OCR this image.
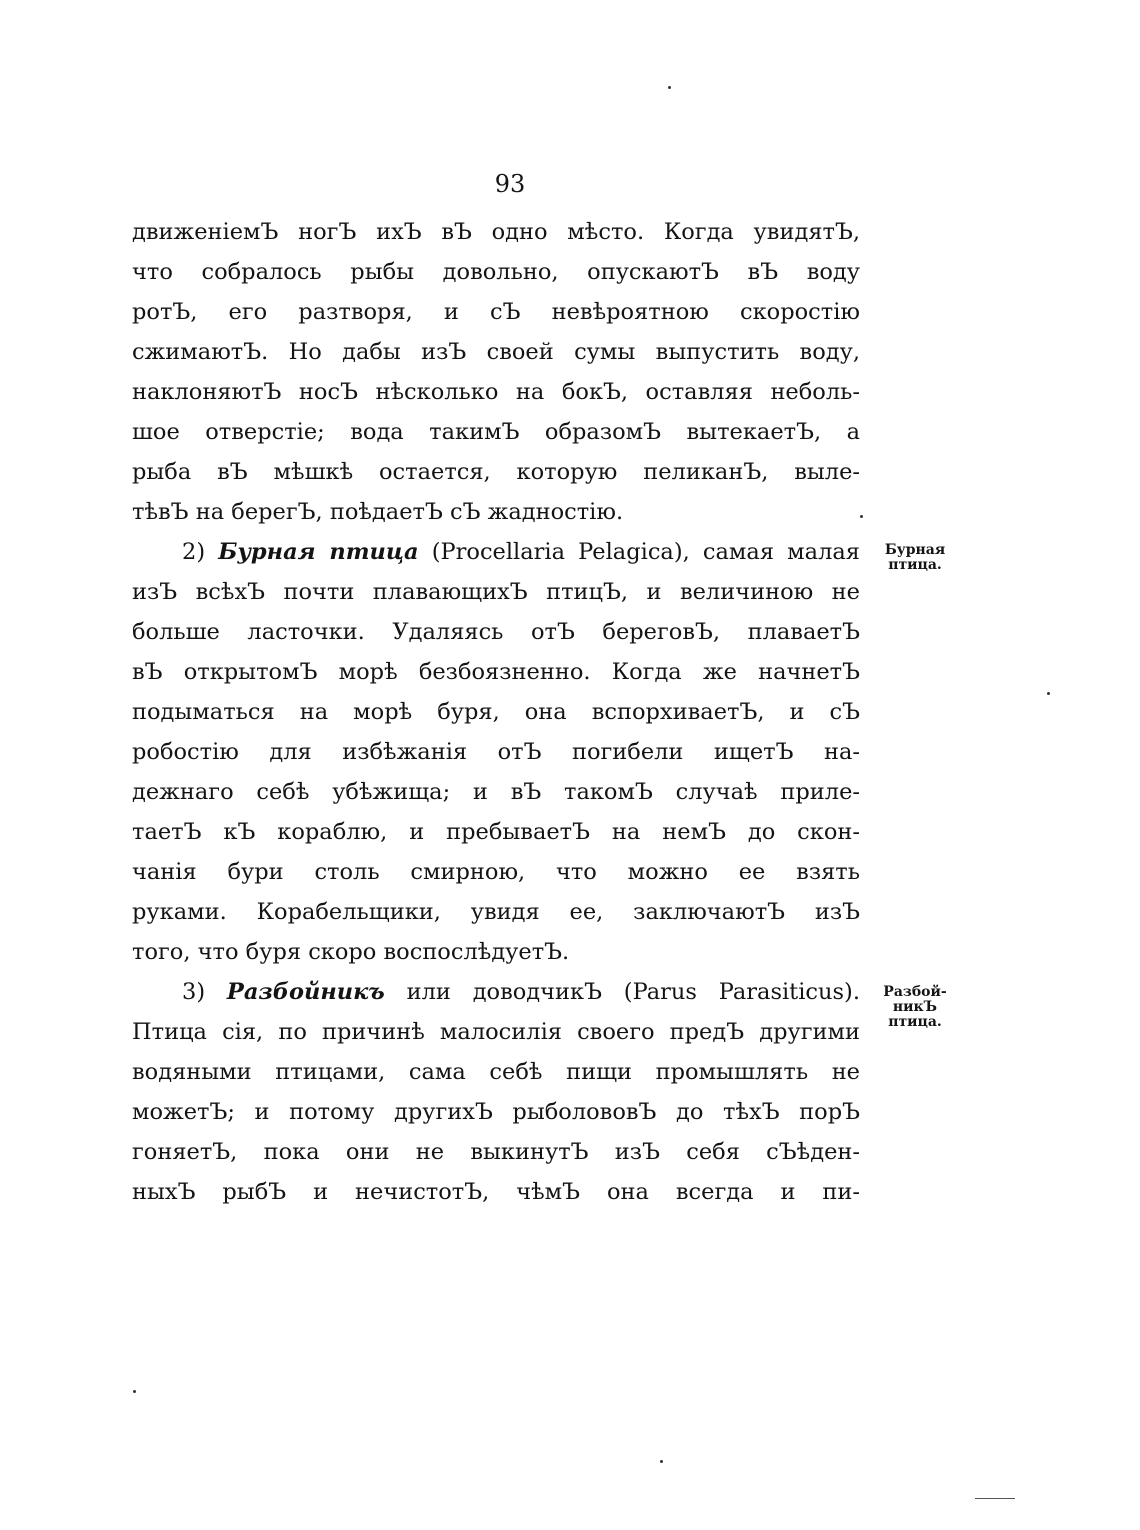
93
движеніемЪ ногЪ ихЪ вЪ одно мѣсто. Когда увидятЪ,
что собралось рыбы довольно, опускаютЪ вЪ воду
ротЪ, его разтворя, и сЪ невѣроятною скоростію
сжимаютЪ. Но дабы изЪ своей сумы выпустить воду,
наклоняютЪ носЪ нѣсколько на бокЪ, оставляя неболь-
шое отверстіе; вода такимЪ образомЪ вытекаетЪ, а
рыба вЪ мѣшкѣ остается, которую пеликанЪ, выле-
тѣвЪ на берегЪ, поѣдаетЪ сЪ жадностію.
2) Бурная птица (Procellaria Pelagica), самая малая
изЪ всѣхЪ почти плавающихЪ птицЪ, и величиною не
больше ласточки. Удаляясь отЪ береговЪ, плаваетЪ
вЪ открытомЪ морѣ безбоязненно. Когда же начнетЪ
подыматься на морѣ буря, она вспорхиваетЪ, и сЪ
робостію для избѣжанія отЪ погибели ищетЪ на-
дежнаго себѣ убѣжища; и вЪ такомЪ случаѣ приле-
таетЪ кЪ кораблю, и пребываетЪ на немЪ до скон-
чанія бури столь смирною, что можно ее взять
руками. Корабельщики, увидя ее, заключаютЪ изЪ
того, что буря скоро воспослѣдуетЪ.
3) Разбойникъ или доводчикЪ (Parus Parasiticus).
Птица сія, по причинѣ малосилія своего предЪ другими
водяными птицами, сама себѣ пищи промышлять не
можетЪ; и потому другихЪ рыболововЪ до тѣхЪ порЪ
гоняетЪ, пока они не выкинутЪ изЪ себя сЪѣден-
ныхЪ рыбЪ и нечистотЪ, чѣмЪ она всегда и пи-
Бурная
птица.
Разбой-
никЪ
птица.
